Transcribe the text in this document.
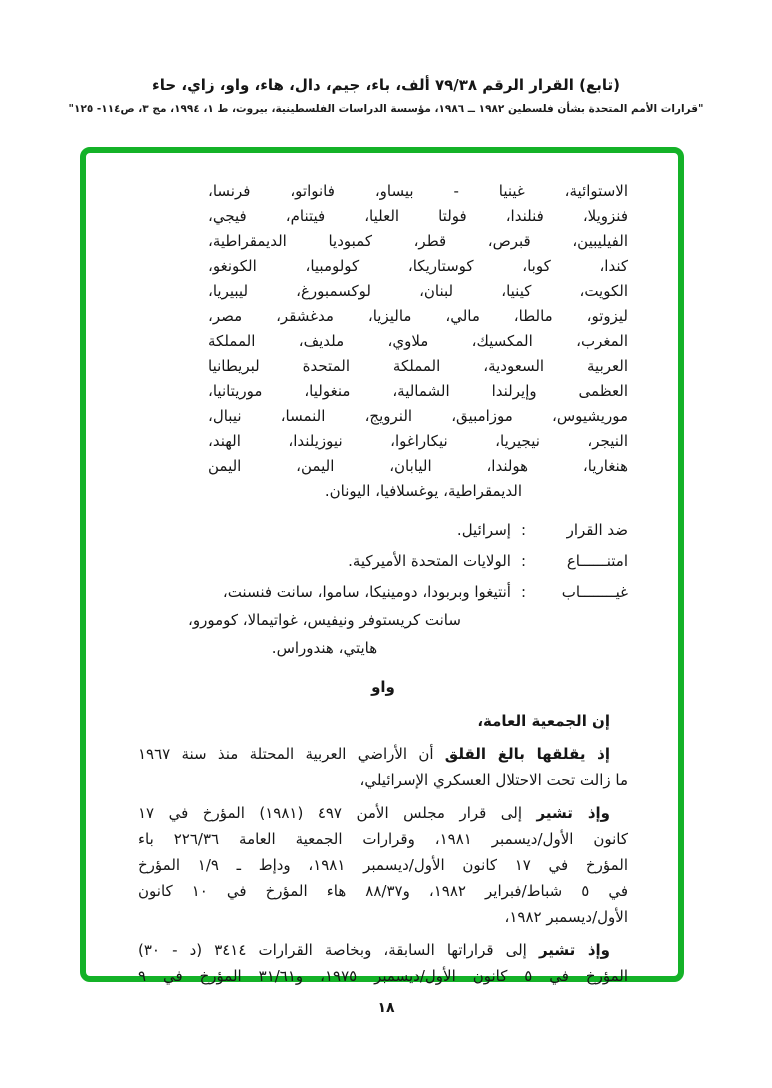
(تابع) القرار الرقم ٧٩/٣٨ ألف، باء، جيم، دال، هاء، واو، زاي، حاء
"قرارات الأمم المتحدة بشأن فلسطين ١٩٨٢ ــ ١٩٨٦، مؤسسة الدراسات الفلسطينية، بيروت، ط ١، ١٩٩٤، مج ٣، ص١١٤- ١٢٥"
الاستوائية، غينيا - بيساو، فانواتو، فرنسا،
فنزويلا، فنلندا، فولتا العليا، فيتنام، فيجي،
الفيليبين، قبرص، قطر، كمبوديا الديمقراطية،
كندا، كوبا، كوستاريكا، كولومبيا، الكونغو،
الكويت، كينيا، لبنان، لوكسمبورغ، ليبيريا،
ليزوتو، مالطا، مالي، ماليزيا، مدغشقر، مصر،
المغرب، المكسيك، ملاوي، ملديف، المملكة
العربية السعودية، المملكة المتحدة لبريطانيا
العظمى وإيرلندا الشمالية، منغوليا، موريتانيا،
موريشيوس، موزامبيق، النرويج، النمسا، نيبال،
النيجر، نيجيريا، نيكاراغوا، نيوزيلندا، الهند،
هنغاريا، هولندا، اليابان، اليمن، اليمن
الديمقراطية، يوغسلافيا، اليونان.
ضد القرار
:
إسرائيل.
امتنــــــاع
:
الولايات المتحدة الأميركية.
غيــــــــاب
:
أنتيغوا وبربودا، دومينيكا، ساموا، سانت فنسنت،
سانت كريستوفر ونيفيس، غواتيمالا، كومورو،
هايتي، هندوراس.
واو
إن الجمعية العامة،
إذ يقلقها بالغ القلق أن الأراضي العربية المحتلة منذ سنة ١٩٦٧
ما زالت تحت الاحتلال العسكري الإسرائيلي،
وإذ تشير إلى قرار مجلس الأمن ٤٩٧ (١٩٨١) المؤرخ في ١٧
كانون الأول/ديسمبر ١٩٨١، وقرارات الجمعية العامة ٢٢٦/٣٦ باء
المؤرخ في ١٧ كانون الأول/ديسمبر ١٩٨١، ودإط ـ ١/٩ المؤرخ
في ٥ شباط/فبراير ١٩٨٢، و٨٨/٣٧ هاء المؤرخ في ١٠ كانون
الأول/ديسمبر ١٩٨٢،
وإذ تشير إلى قراراتها السابقة، وبخاصة القرارات ٣٤١٤ (د - ٣٠)
المؤرخ في ٥ كانون الأول/ديسمبر ١٩٧٥، و٣١/٦١ المؤرخ في ٩
١٨
